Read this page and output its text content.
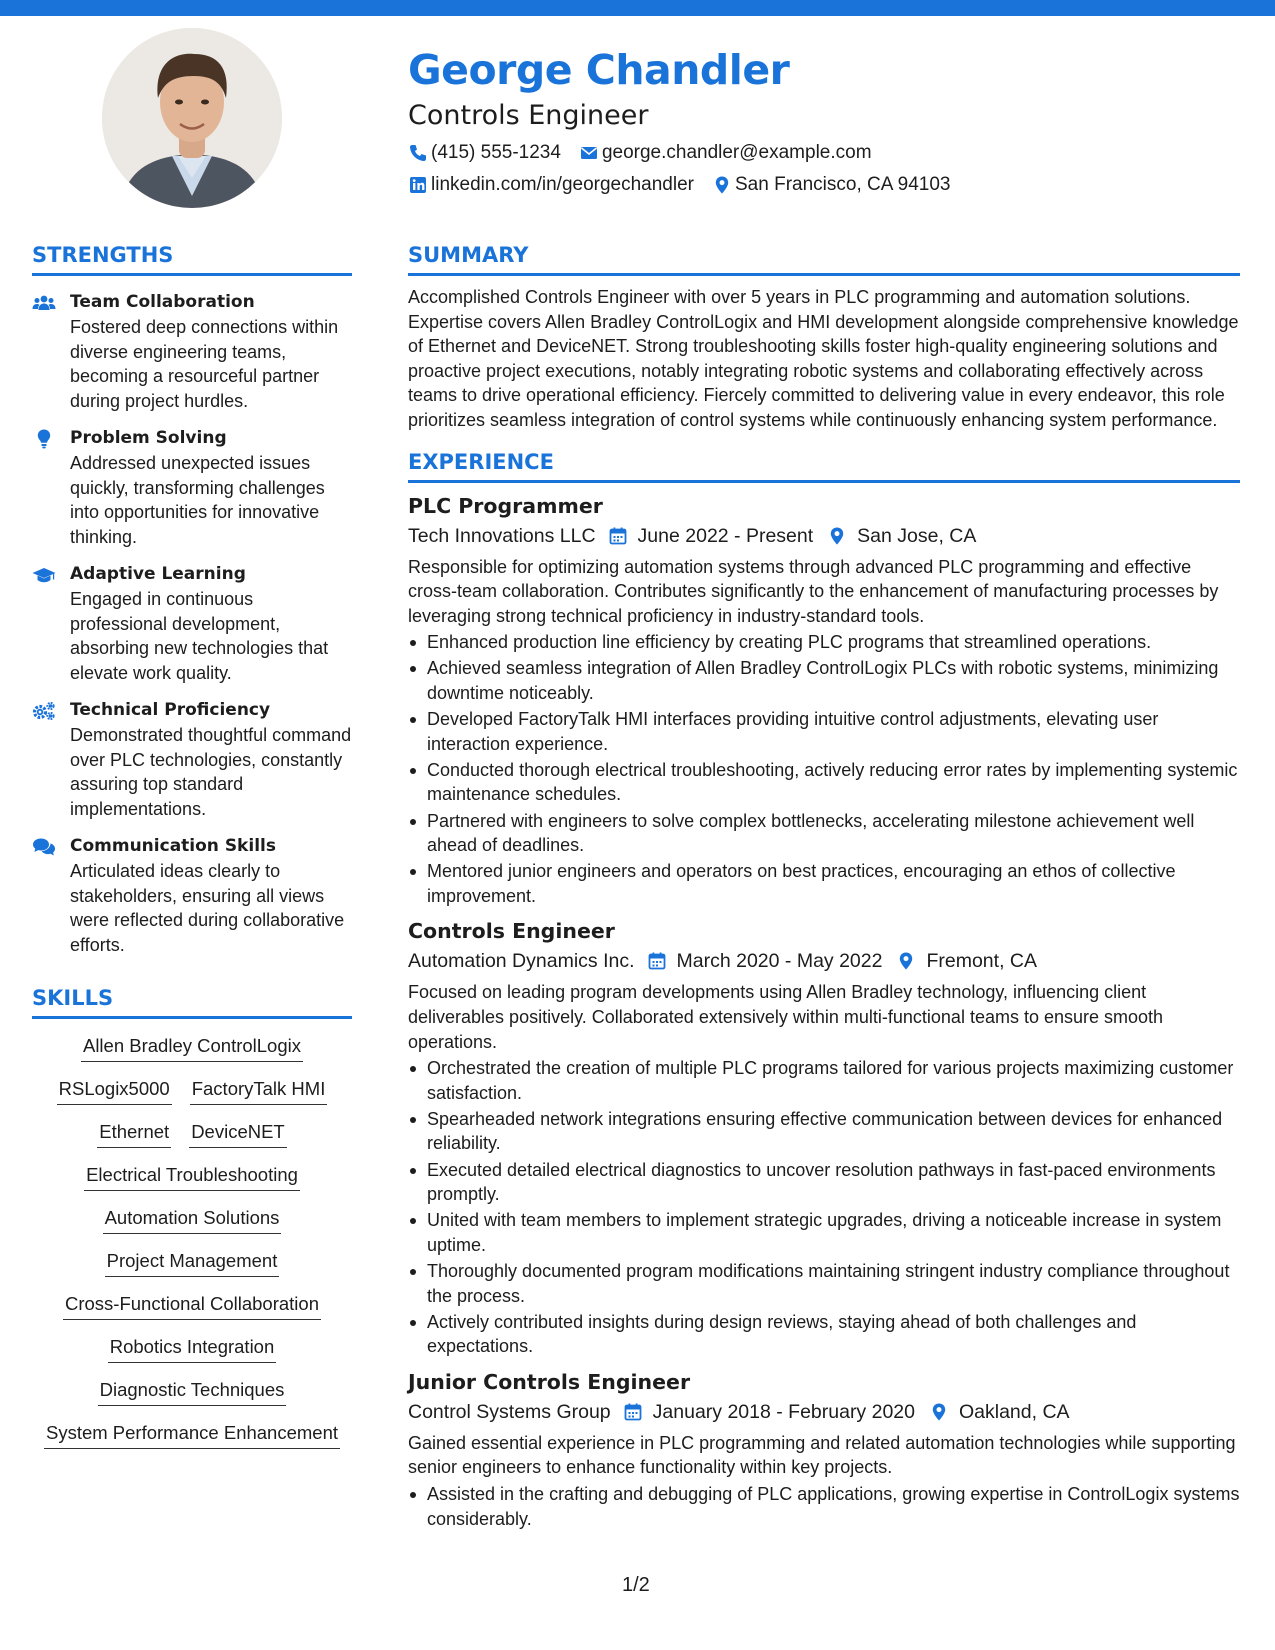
George Chandler
Controls Engineer
(415) 555-1234 george.chandler@example.com
linkedin.com/in/georgechandler San Francisco, CA 94103
STRENGTHS
Team Collaboration
Fostered deep connections within diverse engineering teams, becoming a resourceful partner during project hurdles.
Problem Solving
Addressed unexpected issues quickly, transforming challenges into opportunities for innovative thinking.
Adaptive Learning
Engaged in continuous professional development, absorbing new technologies that elevate work quality.
Technical Proficiency
Demonstrated thoughtful command over PLC technologies, constantly assuring top standard implementations.
Communication Skills
Articulated ideas clearly to stakeholders, ensuring all views were reflected during collaborative efforts.
SKILLS
Allen Bradley ControlLogix
RSLogix5000 FactoryTalk HMI
Ethernet DeviceNET
Electrical Troubleshooting
Automation Solutions
Project Management
Cross-Functional Collaboration
Robotics Integration
Diagnostic Techniques
System Performance Enhancement
SUMMARY
Accomplished Controls Engineer with over 5 years in PLC programming and automation solutions. Expertise covers Allen Bradley ControlLogix and HMI development alongside comprehensive knowledge of Ethernet and DeviceNET. Strong troubleshooting skills foster high-quality engineering solutions and proactive project executions, notably integrating robotic systems and collaborating effectively across teams to drive operational efficiency. Fiercely committed to delivering value in every endeavor, this role prioritizes seamless integration of control systems while continuously enhancing system performance.
EXPERIENCE
PLC Programmer
Tech Innovations LLC June 2022 - Present San Jose, CA
Responsible for optimizing automation systems through advanced PLC programming and effective cross-team collaboration. Contributes significantly to the enhancement of manufacturing processes by leveraging strong technical proficiency in industry-standard tools.
Enhanced production line efficiency by creating PLC programs that streamlined operations.
Achieved seamless integration of Allen Bradley ControlLogix PLCs with robotic systems, minimizing downtime noticeably.
Developed FactoryTalk HMI interfaces providing intuitive control adjustments, elevating user interaction experience.
Conducted thorough electrical troubleshooting, actively reducing error rates by implementing systemic maintenance schedules.
Partnered with engineers to solve complex bottlenecks, accelerating milestone achievement well ahead of deadlines.
Mentored junior engineers and operators on best practices, encouraging an ethos of collective improvement.
Controls Engineer
Automation Dynamics Inc. March 2020 - May 2022 Fremont, CA
Focused on leading program developments using Allen Bradley technology, influencing client deliverables positively. Collaborated extensively within multi-functional teams to ensure smooth operations.
Orchestrated the creation of multiple PLC programs tailored for various projects maximizing customer satisfaction.
Spearheaded network integrations ensuring effective communication between devices for enhanced reliability.
Executed detailed electrical diagnostics to uncover resolution pathways in fast-paced environments promptly.
United with team members to implement strategic upgrades, driving a noticeable increase in system uptime.
Thoroughly documented program modifications maintaining stringent industry compliance throughout the process.
Actively contributed insights during design reviews, staying ahead of both challenges and expectations.
Junior Controls Engineer
Control Systems Group January 2018 - February 2020 Oakland, CA
Gained essential experience in PLC programming and related automation technologies while supporting senior engineers to enhance functionality within key projects.
Assisted in the crafting and debugging of PLC applications, growing expertise in ControlLogix systems considerably.
1/2
